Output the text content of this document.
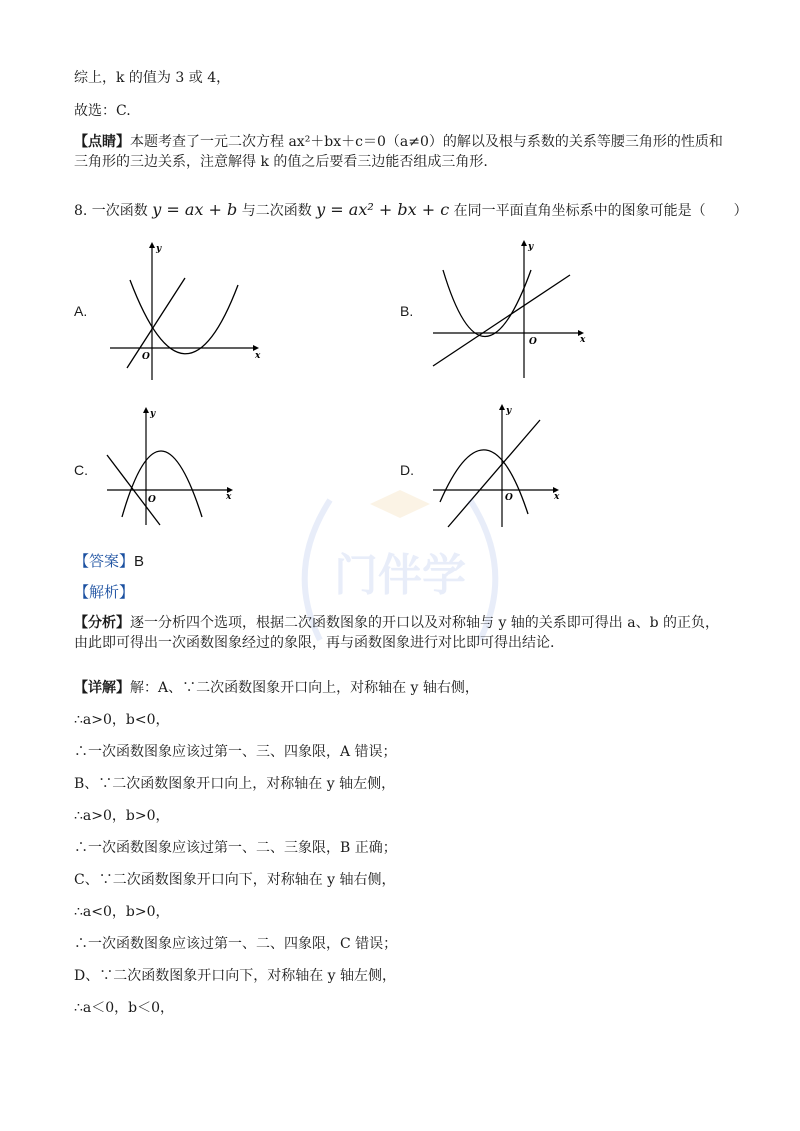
综上，k 的值为 3 或 4，
故选：C.
【点睛】本题考查了一元二次方程 ax²＋bx＋c＝0（a≠0）的解以及根与系数的关系等腰三角形的性质和三角形的三边关系，注意解得 k 的值之后要看三边能否组成三角形.
8. 一次函数 y = ax + b 与二次函数 y = ax² + bx + c 在同一平面直角坐标系中的图象可能是（　　）
A.	B.
C.	D.
x
y
O
x
y
O
x
y
O	x
y
O
门伴学
【答案】B
【解析】
【分析】逐一分析四个选项，根据二次函数图象的开口以及对称轴与 y 轴的关系即可得出 a、b 的正负，由此即可得出一次函数图象经过的象限，再与函数图象进行对比即可得出结论.
【详解】解：A、∵二次函数图象开口向上，对称轴在 y 轴右侧，
∴a>0，b<0，
∴一次函数图象应该过第一、三、四象限，A 错误；
B、∵二次函数图象开口向上，对称轴在 y 轴左侧，
∴a>0，b>0，
∴一次函数图象应该过第一、二、三象限，B 正确；
C、∵二次函数图象开口向下，对称轴在 y 轴右侧，
∴a<0，b>0，
∴一次函数图象应该过第一、二、四象限，C 错误；
D、∵二次函数图象开口向下，对称轴在 y 轴左侧，
∴a＜0，b＜0，
